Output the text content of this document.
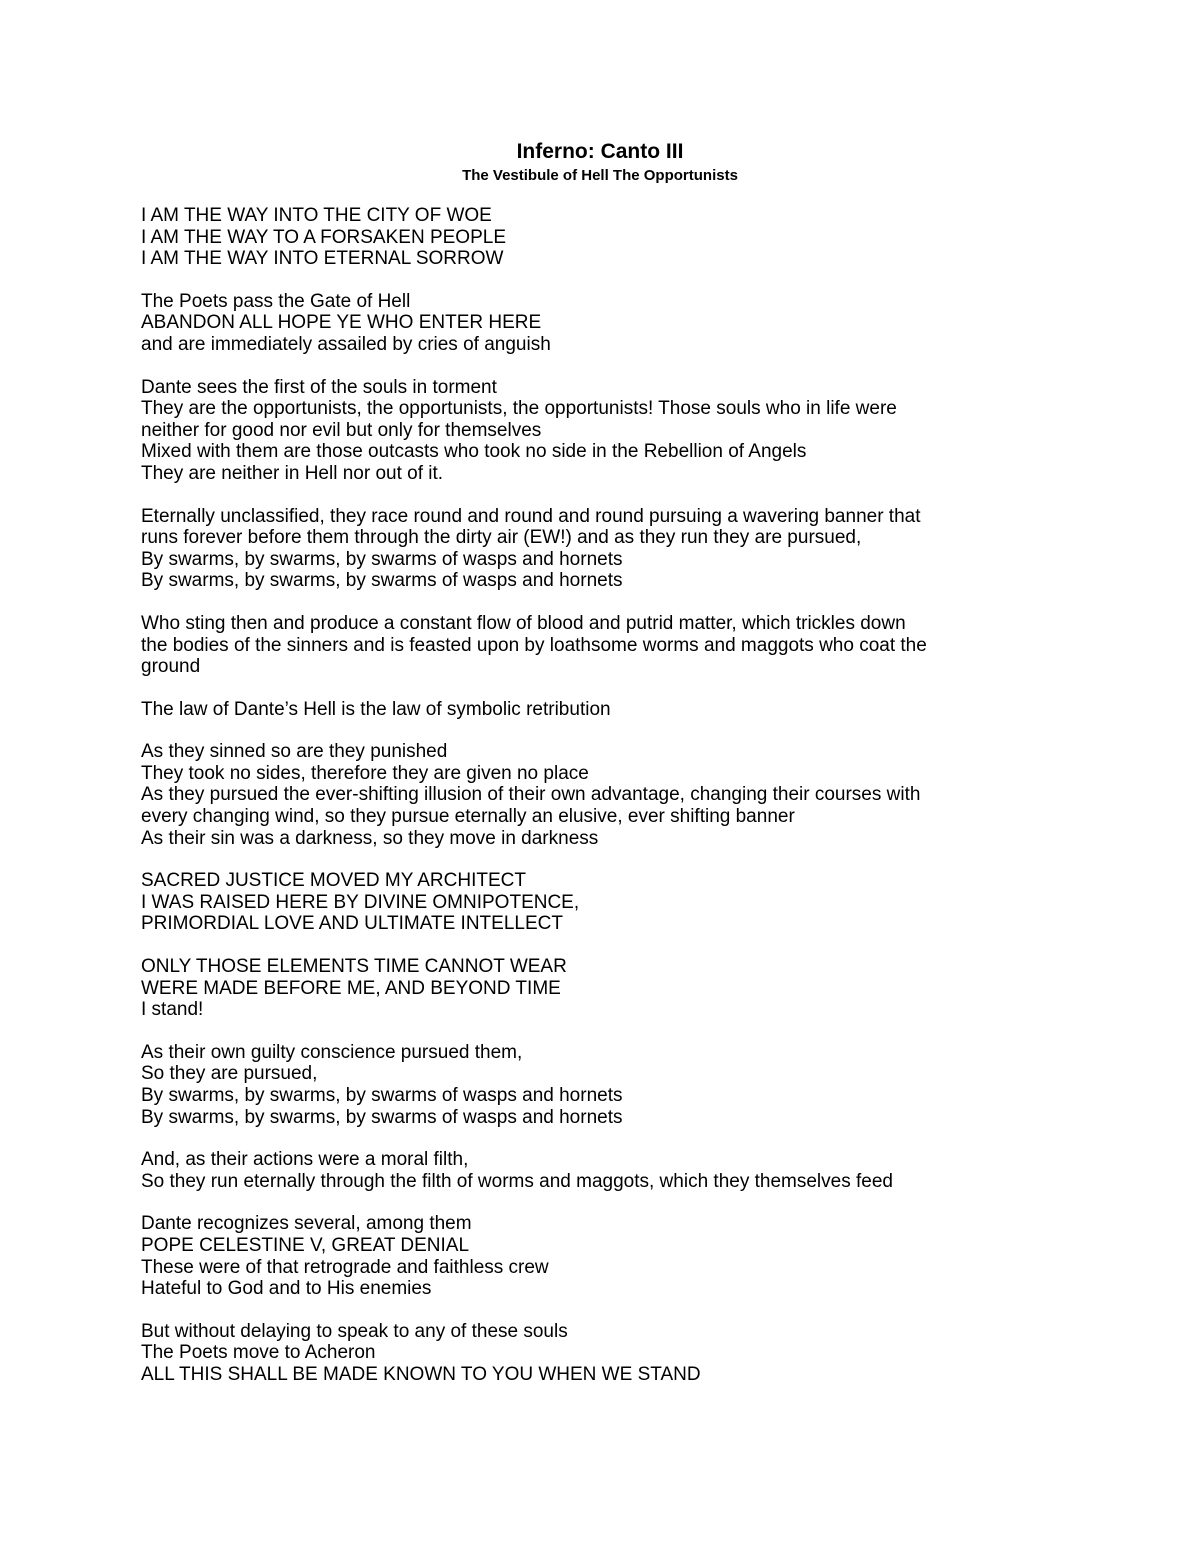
Inferno: Canto III
The Vestibule of Hell The Opportunists
I AM THE WAY INTO THE CITY OF WOE
I AM THE WAY TO A FORSAKEN PEOPLE
I AM THE WAY INTO ETERNAL SORROW
The Poets pass the Gate of Hell
ABANDON ALL HOPE YE WHO ENTER HERE
and are immediately assailed by cries of anguish
Dante sees the first of the souls in torment
They are the opportunists, the opportunists, the opportunists! Those souls who in life were
neither for good nor evil but only for themselves
Mixed with them are those outcasts who took no side in the Rebellion of Angels
They are neither in Hell nor out of it.
Eternally unclassified, they race round and round and round pursuing a wavering banner that
runs forever before them through the dirty air (EW!) and as they run they are pursued,
By swarms, by swarms, by swarms of wasps and hornets
By swarms, by swarms, by swarms of wasps and hornets
Who sting then and produce a constant flow of blood and putrid matter, which trickles down
the bodies of the sinners and is feasted upon by loathsome worms and maggots who coat the
ground
The law of Dante’s Hell is the law of symbolic retribution
As they sinned so are they punished
They took no sides, therefore they are given no place
As they pursued the ever-shifting illusion of their own advantage, changing their courses with
every changing wind, so they pursue eternally an elusive, ever shifting banner
As their sin was a darkness, so they move in darkness
SACRED JUSTICE MOVED MY ARCHITECT
I WAS RAISED HERE BY DIVINE OMNIPOTENCE,
PRIMORDIAL LOVE AND ULTIMATE INTELLECT
ONLY THOSE ELEMENTS TIME CANNOT WEAR
WERE MADE BEFORE ME, AND BEYOND TIME
I stand!
As their own guilty conscience pursued them,
So they are pursued,
By swarms, by swarms, by swarms of wasps and hornets
By swarms, by swarms, by swarms of wasps and hornets
And, as their actions were a moral filth,
So they run eternally through the filth of worms and maggots, which they themselves feed
Dante recognizes several, among them
POPE CELESTINE V, GREAT DENIAL
These were of that retrograde and faithless crew
Hateful to God and to His enemies
But without delaying to speak to any of these souls
The Poets move to Acheron
ALL THIS SHALL BE MADE KNOWN TO YOU WHEN WE STAND
